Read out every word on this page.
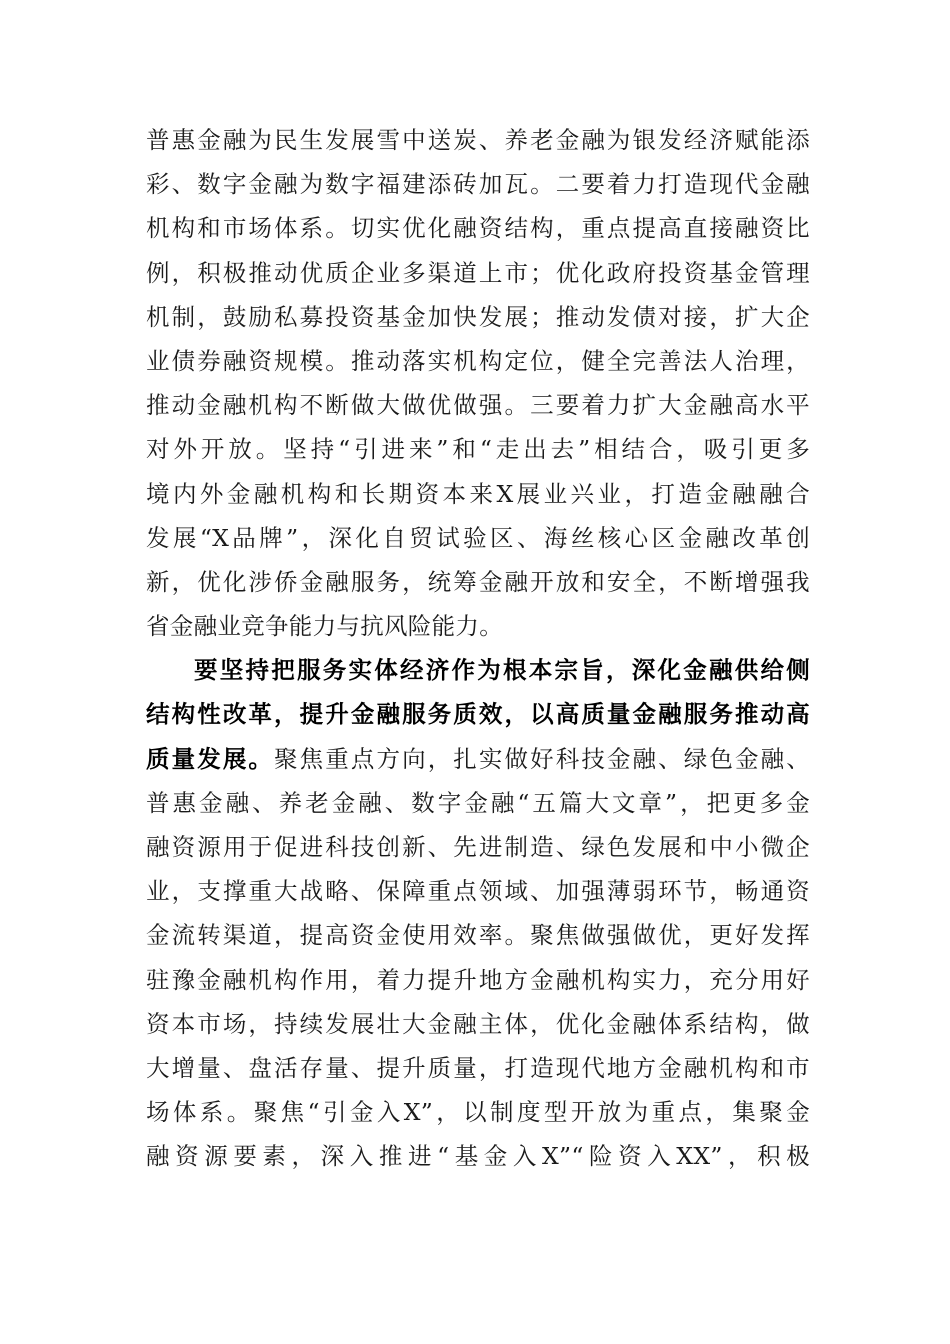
普惠金融为民生发展雪中送炭、养老金融为银发经济赋能添
彩、数字金融为数字福建添砖加瓦。二要着力打造现代金融
机构和市场体系。切实优化融资结构，重点提高直接融资比
例，积极推动优质企业多渠道上市；优化政府投资基金管理
机制，鼓励私募投资基金加快发展；推动发债对接，扩大企
业债券融资规模。推动落实机构定位，健全完善法人治理，
推动金融机构不断做大做优做强。三要着力扩大金融高水平
对外开放。坚持“引进来”和“走出去”相结合，吸引更多
境内外金融机构和长期资本来X展业兴业，打造金融融合
发展“X品牌”，深化自贸试验区、海丝核心区金融改革创
新，优化涉侨金融服务，统筹金融开放和安全，不断增强我
省金融业竞争能力与抗风险能力。
要坚持把服务实体经济作为根本宗旨，深化金融供给侧
结构性改革，提升金融服务质效，以高质量金融服务推动高
质量发展。聚焦重点方向，扎实做好科技金融、绿色金融、
普惠金融、养老金融、数字金融“五篇大文章”，把更多金
融资源用于促进科技创新、先进制造、绿色发展和中小微企
业，支撑重大战略、保障重点领域、加强薄弱环节，畅通资
金流转渠道，提高资金使用效率。聚焦做强做优，更好发挥
驻豫金融机构作用，着力提升地方金融机构实力，充分用好
资本市场，持续发展壮大金融主体，优化金融体系结构，做
大增量、盘活存量、提升质量，打造现代地方金融机构和市
场体系。聚焦“引金入X”，以制度型开放为重点，集聚金
融资源要素，深入推进“基金入X”“险资入XX”，积极
